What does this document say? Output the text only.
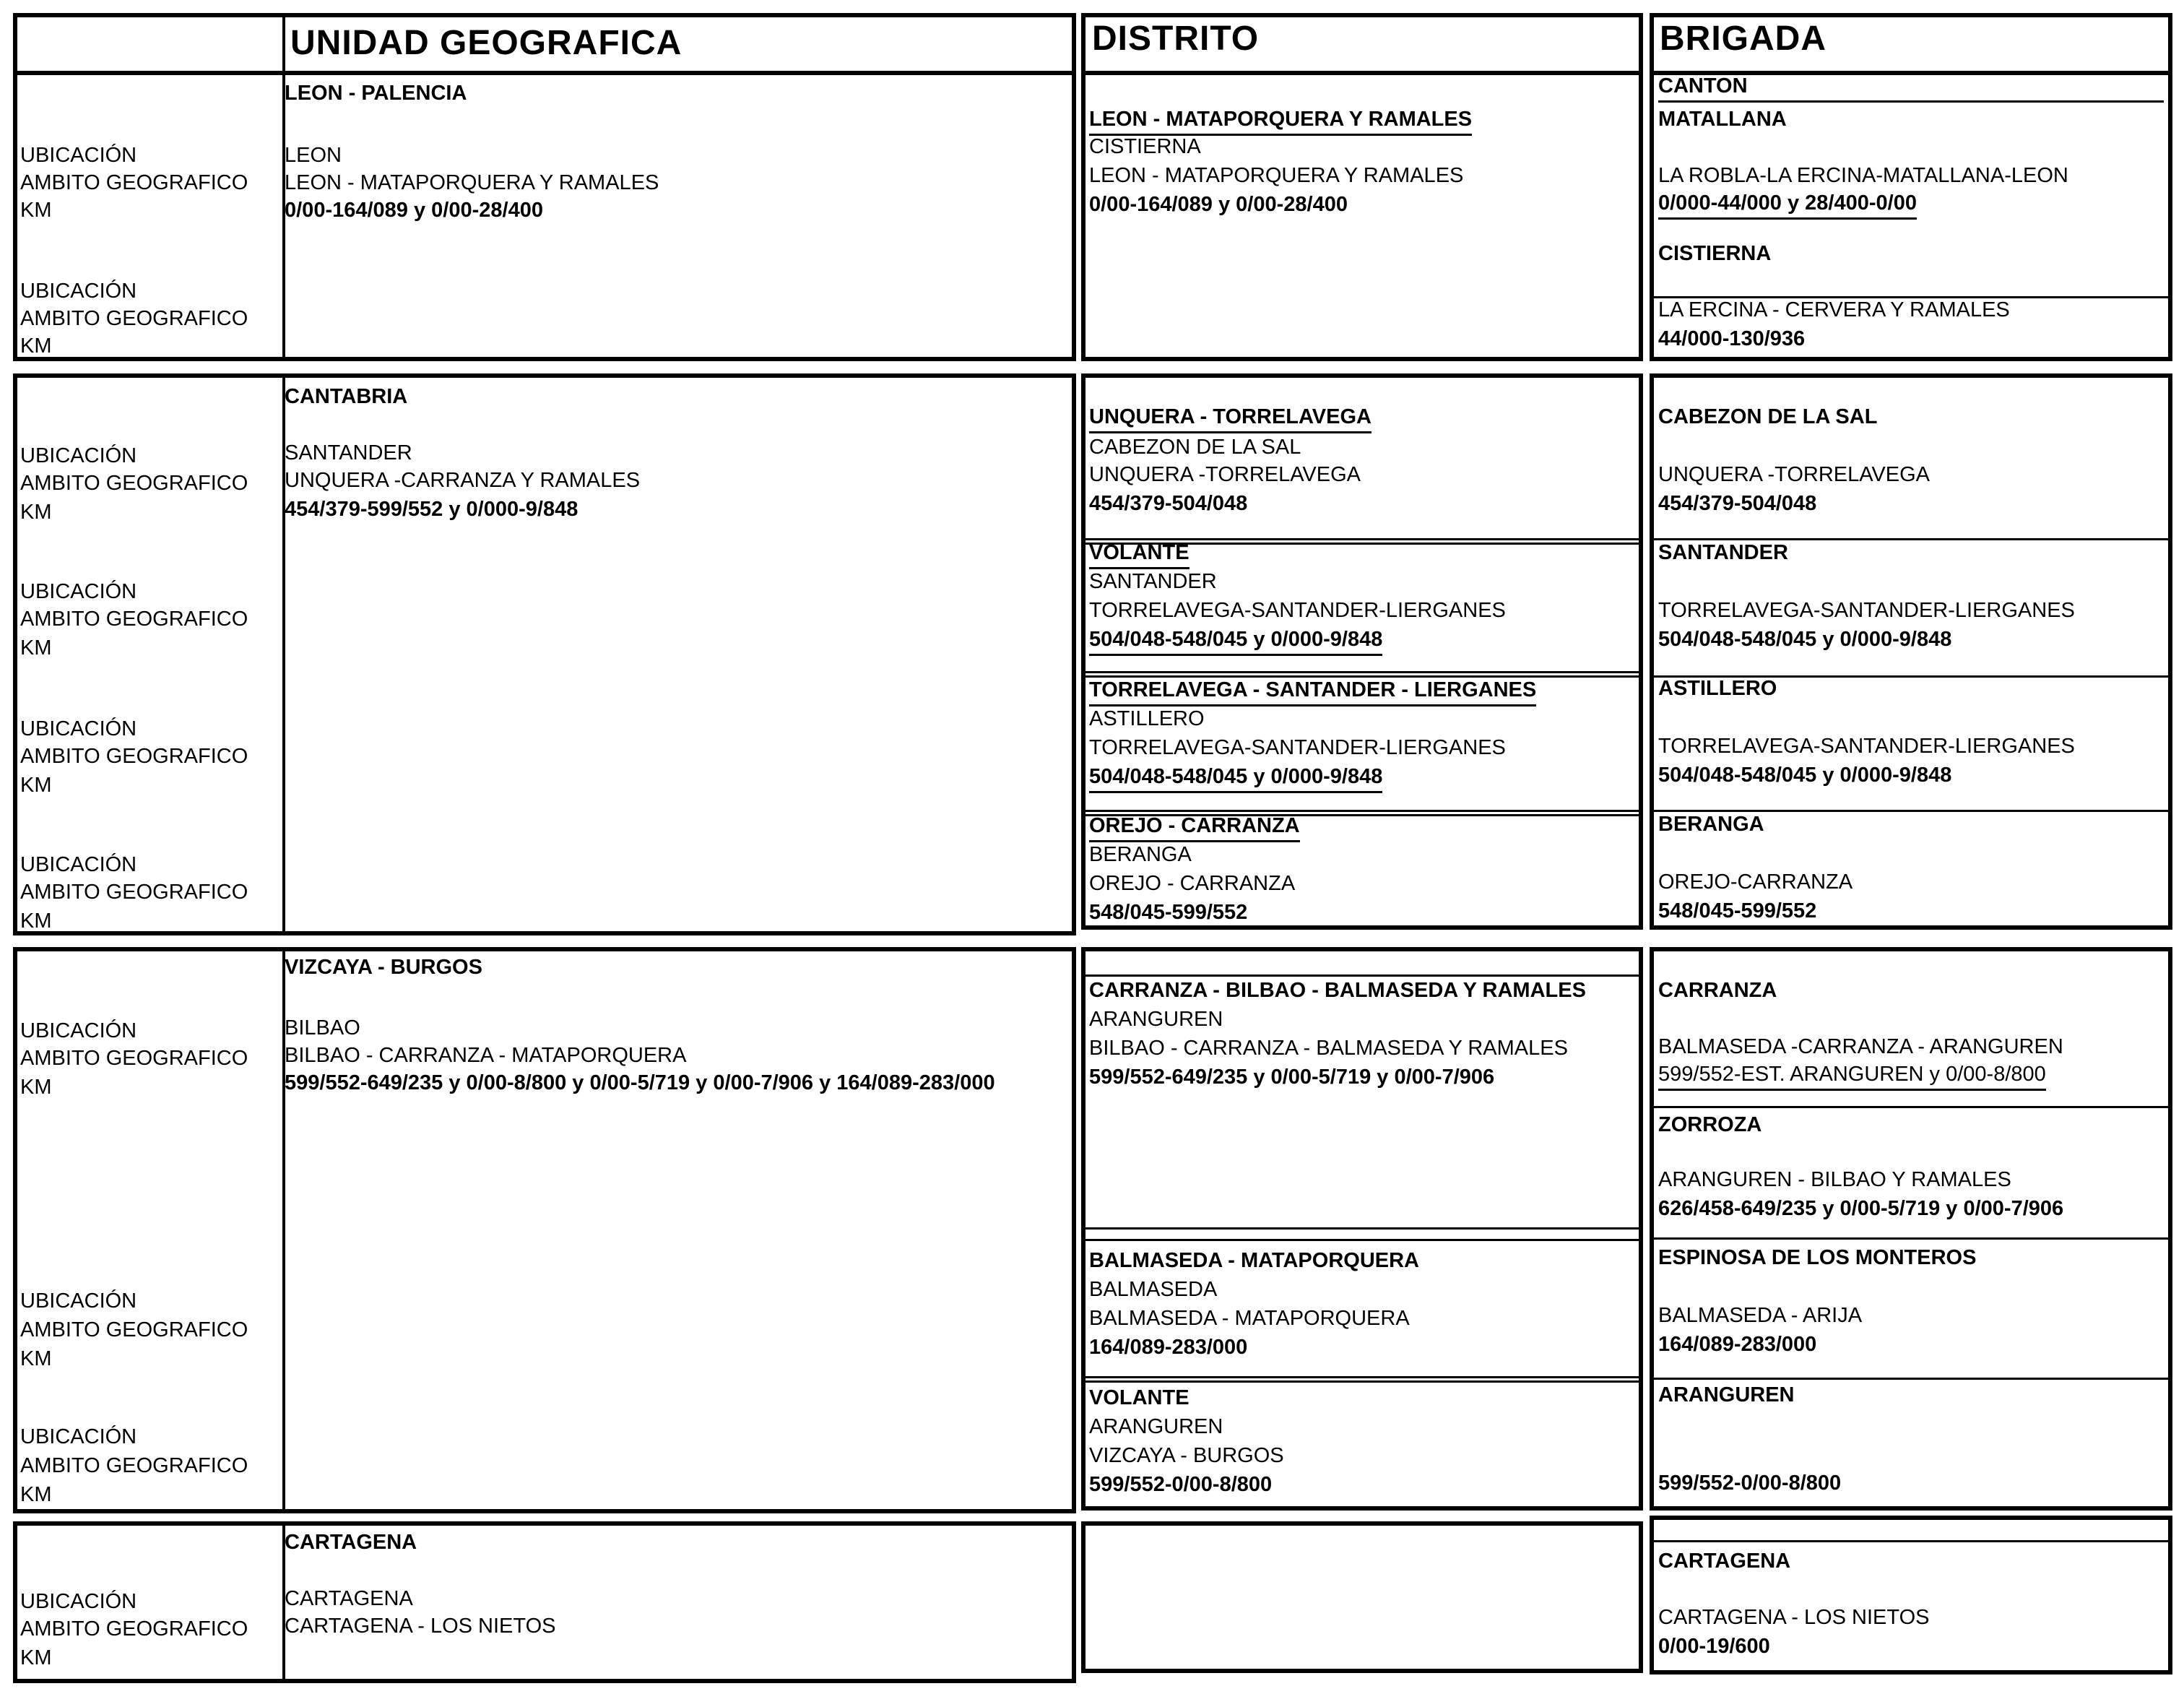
UNIDAD GEOGRAFICA	DISTRITO	BRIGADA
UBICACIÓN
AMBITO GEOGRAFICO
KM
UBICACIÓN
AMBITO GEOGRAFICO
KM
LEON - PALENCIA
LEON
LEON - MATAPORQUERA Y RAMALES
0/00-164/089 y 0/00-28/400
LEON - MATAPORQUERA Y RAMALES
CISTIERNA
LEON - MATAPORQUERA Y RAMALES
0/00-164/089 y 0/00-28/400
CANTON
MATALLANA
LA ROBLA-LA ERCINA-MATALLANA-LEON
0/000-44/000 y 28/400-0/00
CISTIERNA
LA ERCINA - CERVERA Y RAMALES
44/000-130/936
UBICACIÓN
AMBITO GEOGRAFICO
KM
UBICACIÓN
AMBITO GEOGRAFICO
KM
UBICACIÓN
AMBITO GEOGRAFICO
KM
UBICACIÓN
AMBITO GEOGRAFICO
KM
CANTABRIA
SANTANDER
UNQUERA -CARRANZA Y RAMALES
454/379-599/552 y 0/000-9/848
UNQUERA - TORRELAVEGA
CABEZON DE LA SAL
UNQUERA -TORRELAVEGA
454/379-504/048
VOLANTE
SANTANDER
TORRELAVEGA-SANTANDER-LIERGANES
504/048-548/045 y 0/000-9/848
TORRELAVEGA - SANTANDER - LIERGANES
ASTILLERO
TORRELAVEGA-SANTANDER-LIERGANES
504/048-548/045 y 0/000-9/848
OREJO - CARRANZA
BERANGA
OREJO - CARRANZA
548/045-599/552
CABEZON DE LA SAL
UNQUERA -TORRELAVEGA
454/379-504/048
SANTANDER
TORRELAVEGA-SANTANDER-LIERGANES
504/048-548/045 y 0/000-9/848
ASTILLERO
TORRELAVEGA-SANTANDER-LIERGANES
504/048-548/045 y 0/000-9/848
BERANGA
OREJO-CARRANZA
548/045-599/552
UBICACIÓN
AMBITO GEOGRAFICO
KM
UBICACIÓN
AMBITO GEOGRAFICO
KM
UBICACIÓN
AMBITO GEOGRAFICO
KM
VIZCAYA - BURGOS
BILBAO
BILBAO - CARRANZA - MATAPORQUERA
599/552-649/235 y 0/00-8/800 y 0/00-5/719 y 0/00-7/906 y 164/089-283/000
CARRANZA - BILBAO - BALMASEDA Y RAMALES
ARANGUREN
BILBAO - CARRANZA - BALMASEDA Y RAMALES
599/552-649/235 y 0/00-5/719 y 0/00-7/906
BALMASEDA - MATAPORQUERA
BALMASEDA
BALMASEDA - MATAPORQUERA
164/089-283/000
VOLANTE
ARANGUREN
VIZCAYA - BURGOS
599/552-0/00-8/800
CARRANZA
BALMASEDA -CARRANZA - ARANGUREN
599/552-EST. ARANGUREN y 0/00-8/800
ZORROZA
ARANGUREN - BILBAO Y RAMALES
626/458-649/235 y 0/00-5/719 y 0/00-7/906
ESPINOSA DE LOS MONTEROS
BALMASEDA - ARIJA
164/089-283/000
ARANGUREN
599/552-0/00-8/800
UBICACIÓN
AMBITO GEOGRAFICO
KM
CARTAGENA
CARTAGENA
CARTAGENA - LOS NIETOS
CARTAGENA
CARTAGENA - LOS NIETOS
0/00-19/600
